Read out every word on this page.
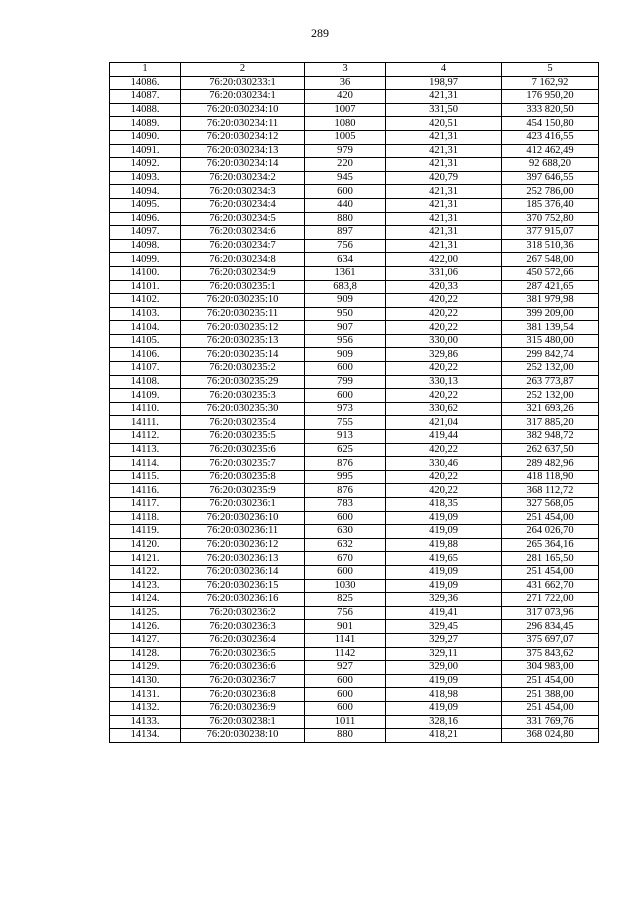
289
1	2	3	4	5
14086.	76:20:030233:1	36	198,97	7 162,92
14087.	76:20:030234:1	420	421,31	176 950,20
14088.	76:20:030234:10	1007	331,50	333 820,50
14089.	76:20:030234:11	1080	420,51	454 150,80
14090.	76:20:030234:12	1005	421,31	423 416,55
14091.	76:20:030234:13	979	421,31	412 462,49
14092.	76:20:030234:14	220	421,31	92 688,20
14093.	76:20:030234:2	945	420,79	397 646,55
14094.	76:20:030234:3	600	421,31	252 786,00
14095.	76:20:030234:4	440	421,31	185 376,40
14096.	76:20:030234:5	880	421,31	370 752,80
14097.	76:20:030234:6	897	421,31	377 915,07
14098.	76:20:030234:7	756	421,31	318 510,36
14099.	76:20:030234:8	634	422,00	267 548,00
14100.	76:20:030234:9	1361	331,06	450 572,66
14101.	76:20:030235:1	683,8	420,33	287 421,65
14102.	76:20:030235:10	909	420,22	381 979,98
14103.	76:20:030235:11	950	420,22	399 209,00
14104.	76:20:030235:12	907	420,22	381 139,54
14105.	76:20:030235:13	956	330,00	315 480,00
14106.	76:20:030235:14	909	329,86	299 842,74
14107.	76:20:030235:2	600	420,22	252 132,00
14108.	76:20:030235:29	799	330,13	263 773,87
14109.	76:20:030235:3	600	420,22	252 132,00
14110.	76:20:030235:30	973	330,62	321 693,26
14111.	76:20:030235:4	755	421,04	317 885,20
14112.	76:20:030235:5	913	419,44	382 948,72
14113.	76:20:030235:6	625	420,22	262 637,50
14114.	76:20:030235:7	876	330,46	289 482,96
14115.	76:20:030235:8	995	420,22	418 118,90
14116.	76:20:030235:9	876	420,22	368 112,72
14117.	76:20:030236:1	783	418,35	327 568,05
14118.	76:20:030236:10	600	419,09	251 454,00
14119.	76:20:030236:11	630	419,09	264 026,70
14120.	76:20:030236:12	632	419,88	265 364,16
14121.	76:20:030236:13	670	419,65	281 165,50
14122.	76:20:030236:14	600	419,09	251 454,00
14123.	76:20:030236:15	1030	419,09	431 662,70
14124.	76:20:030236:16	825	329,36	271 722,00
14125.	76:20:030236:2	756	419,41	317 073,96
14126.	76:20:030236:3	901	329,45	296 834,45
14127.	76:20:030236:4	1141	329,27	375 697,07
14128.	76:20:030236:5	1142	329,11	375 843,62
14129.	76:20:030236:6	927	329,00	304 983,00
14130.	76:20:030236:7	600	419,09	251 454,00
14131.	76:20:030236:8	600	418,98	251 388,00
14132.	76:20:030236:9	600	419,09	251 454,00
14133.	76:20:030238:1	1011	328,16	331 769,76
14134.	76:20:030238:10	880	418,21	368 024,80
